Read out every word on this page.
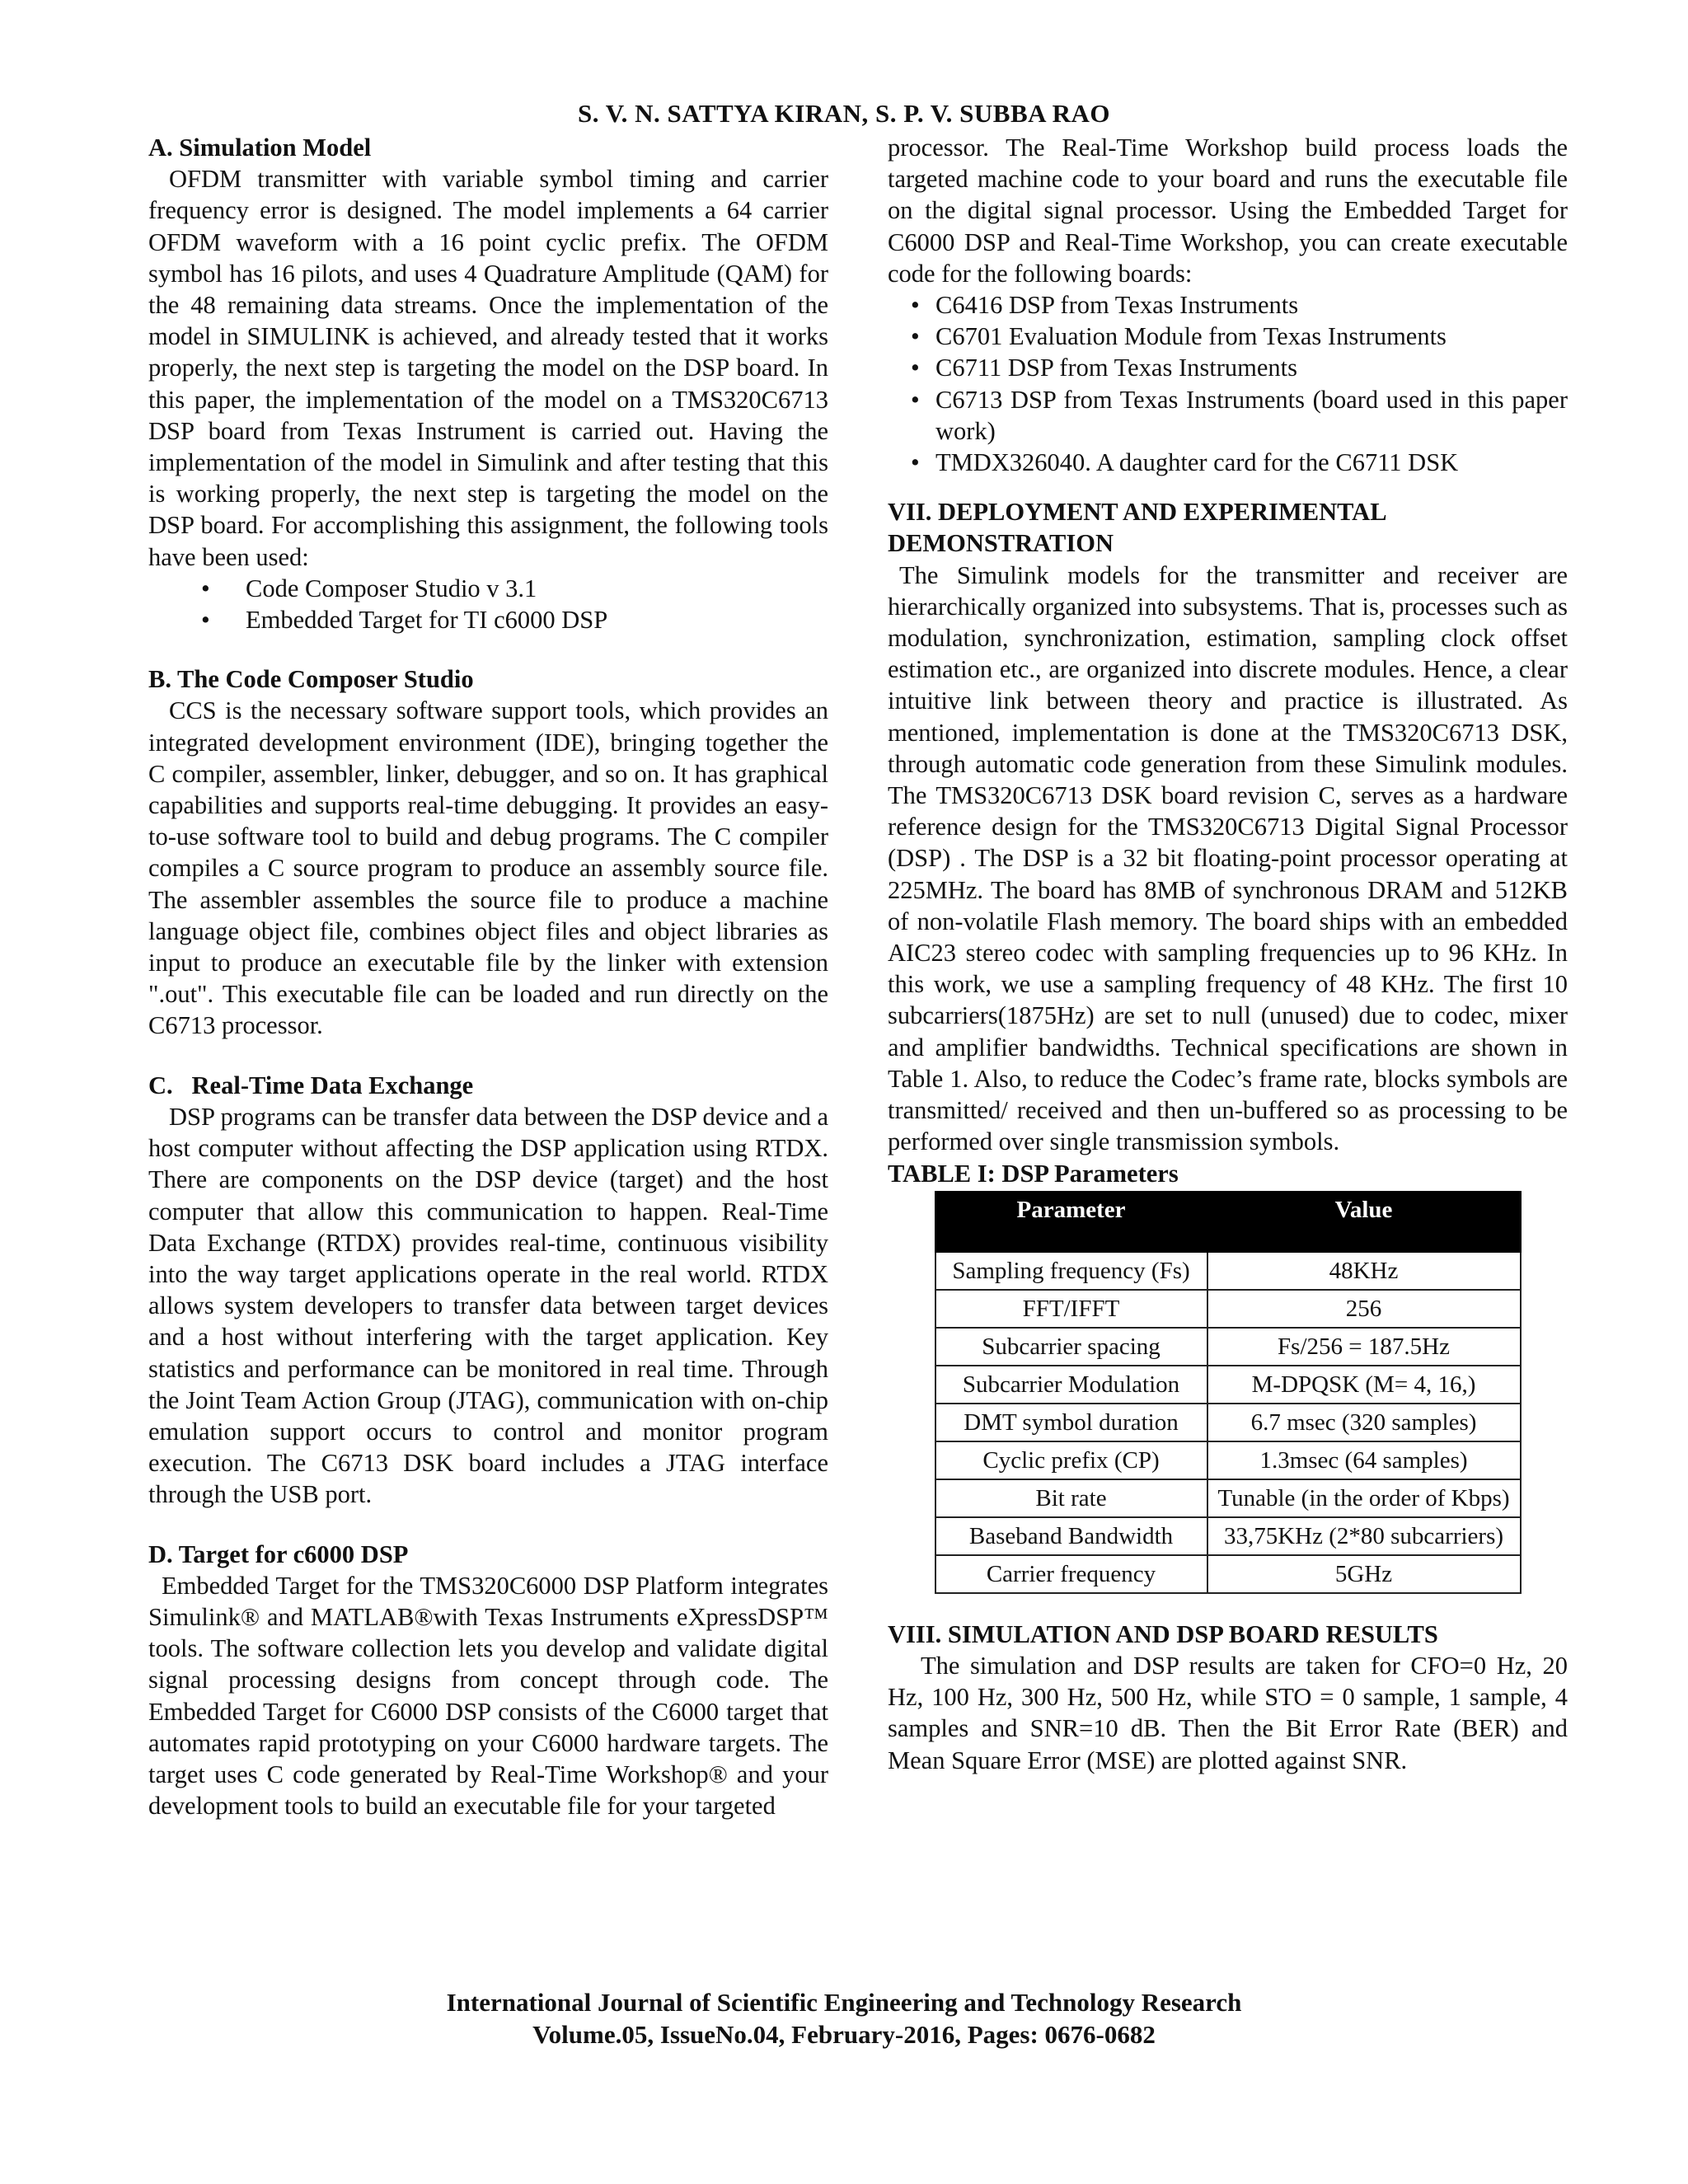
S. V. N. SATTYA KIRAN, S. P. V. SUBBA RAO

A. Simulation Model

OFDM transmitter with variable symbol timing and carrier frequency error is designed. The model implements a 64 carrier OFDM waveform with a 16 point cyclic prefix. The OFDM symbol has 16 pilots, and uses 4 Quadrature Amplitude (QAM) for the 48 remaining data streams. Once the implementation of the model in SIMULINK is achieved, and already tested that it works properly, the next step is targeting the model on the DSP board. In this paper, the implementation of the model on a TMS320C6713 DSP board from Texas Instrument is carried out. Having the implementation of the model in Simulink and after testing that this is working properly, the next step is targeting the model on the DSP board. For accomplishing this assignment, the following tools have been used:

• Code Composer Studio v 3.1
• Embedded Target for TI c6000 DSP

B. The Code Composer Studio

CCS is the necessary software support tools, which provides an integrated development environment (IDE), bringing together the C compiler, assembler, linker, debugger, and so on. It has graphical capabilities and supports real-time debugging. It provides an easy-to-use software tool to build and debug programs. The C compiler compiles a C source program to produce an assembly source file. The assembler assembles the source file to produce a machine language object file, combines object files and object libraries as input to produce an executable file by the linker with extension ".out". This executable file can be loaded and run directly on the C6713 processor.

C.   Real-Time Data Exchange

DSP programs can be transfer data between the DSP device and a host computer without affecting the DSP application using RTDX. There are components on the DSP device (target) and the host computer that allow this communication to happen. Real-Time Data Exchange (RTDX) provides real-time, continuous visibility into the way target applications operate in the real world. RTDX allows system developers to transfer data between target devices and a host without interfering with the target application. Key statistics and performance can be monitored in real time. Through the Joint Team Action Group (JTAG), communication with on-chip emulation support occurs to control and monitor program execution. The C6713 DSK board includes a JTAG interface through the USB port.

D. Target for c6000 DSP

Embedded Target for the TMS320C6000 DSP Platform integrates Simulink® and MATLAB®with Texas Instruments eXpressDSP™ tools. The software collection lets you develop and validate digital signal processing designs from concept through code. The Embedded Target for C6000 DSP consists of the C6000 target that automates rapid prototyping on your C6000 hardware targets. The target uses C code generated by Real-Time Workshop® and your development tools to build an executable file for your targeted

processor. The Real-Time Workshop build process loads the targeted machine code to your board and runs the executable file on the digital signal processor. Using the Embedded Target for C6000 DSP and Real-Time Workshop, you can create executable code for the following boards:

• C6416 DSP from Texas Instruments
• C6701 Evaluation Module from Texas Instruments
• C6711 DSP from Texas Instruments
• C6713 DSP from Texas Instruments (board used in this paper work)
• TMDX326040. A daughter card for the C6711 DSK

VII. DEPLOYMENT AND EXPERIMENTAL

DEMONSTRATION

The Simulink models for the transmitter and receiver are hierarchically organized into subsystems. That is, processes such as modulation, synchronization, estimation, sampling clock offset estimation etc., are organized into discrete modules. Hence, a clear intuitive link between theory and practice is illustrated. As mentioned, implementation is done at the TMS320C6713 DSK, through automatic code generation from these Simulink modules. The TMS320C6713 DSK board revision C, serves as a hardware reference design for the TMS320C6713 Digital Signal Processor (DSP) . The DSP is a 32 bit floating-point processor operating at 225MHz. The board has 8MB of synchronous DRAM and 512KB of non-volatile Flash memory. The board ships with an embedded AIC23 stereo codec with sampling frequencies up to 96 KHz. In this work, we use a sampling frequency of 48 KHz. The first 10 subcarriers(1875Hz) are set to null (unused) due to codec, mixer and amplifier bandwidths. Technical specifications are shown in Table 1. Also, to reduce the Codec’s frame rate, blocks symbols are transmitted/ received and then un-buffered so as processing to be performed over single transmission symbols.

TABLE I: DSP Parameters

Parameter	Value
Sampling frequency (Fs)	48KHz
FFT/IFFT	256
Subcarrier spacing	Fs/256 = 187.5Hz
Subcarrier Modulation	M-DPQSK (M= 4, 16,)
DMT symbol duration	6.7 msec (320 samples)
Cyclic prefix (CP)	1.3msec (64 samples)
Bit rate	Tunable (in the order of Kbps)
Baseband Bandwidth	33,75KHz (2*80 subcarriers)
Carrier frequency	5GHz

VIII. SIMULATION AND DSP BOARD RESULTS

The simulation and DSP results are taken for CFO=0 Hz, 20 Hz, 100 Hz, 300 Hz, 500 Hz, while STO = 0 sample, 1 sample, 4 samples and SNR=10 dB. Then the Bit Error Rate (BER) and Mean Square Error (MSE) are plotted against SNR.

International Journal of Scientific Engineering and Technology Research
Volume.05, IssueNo.04, February-2016, Pages: 0676-0682
